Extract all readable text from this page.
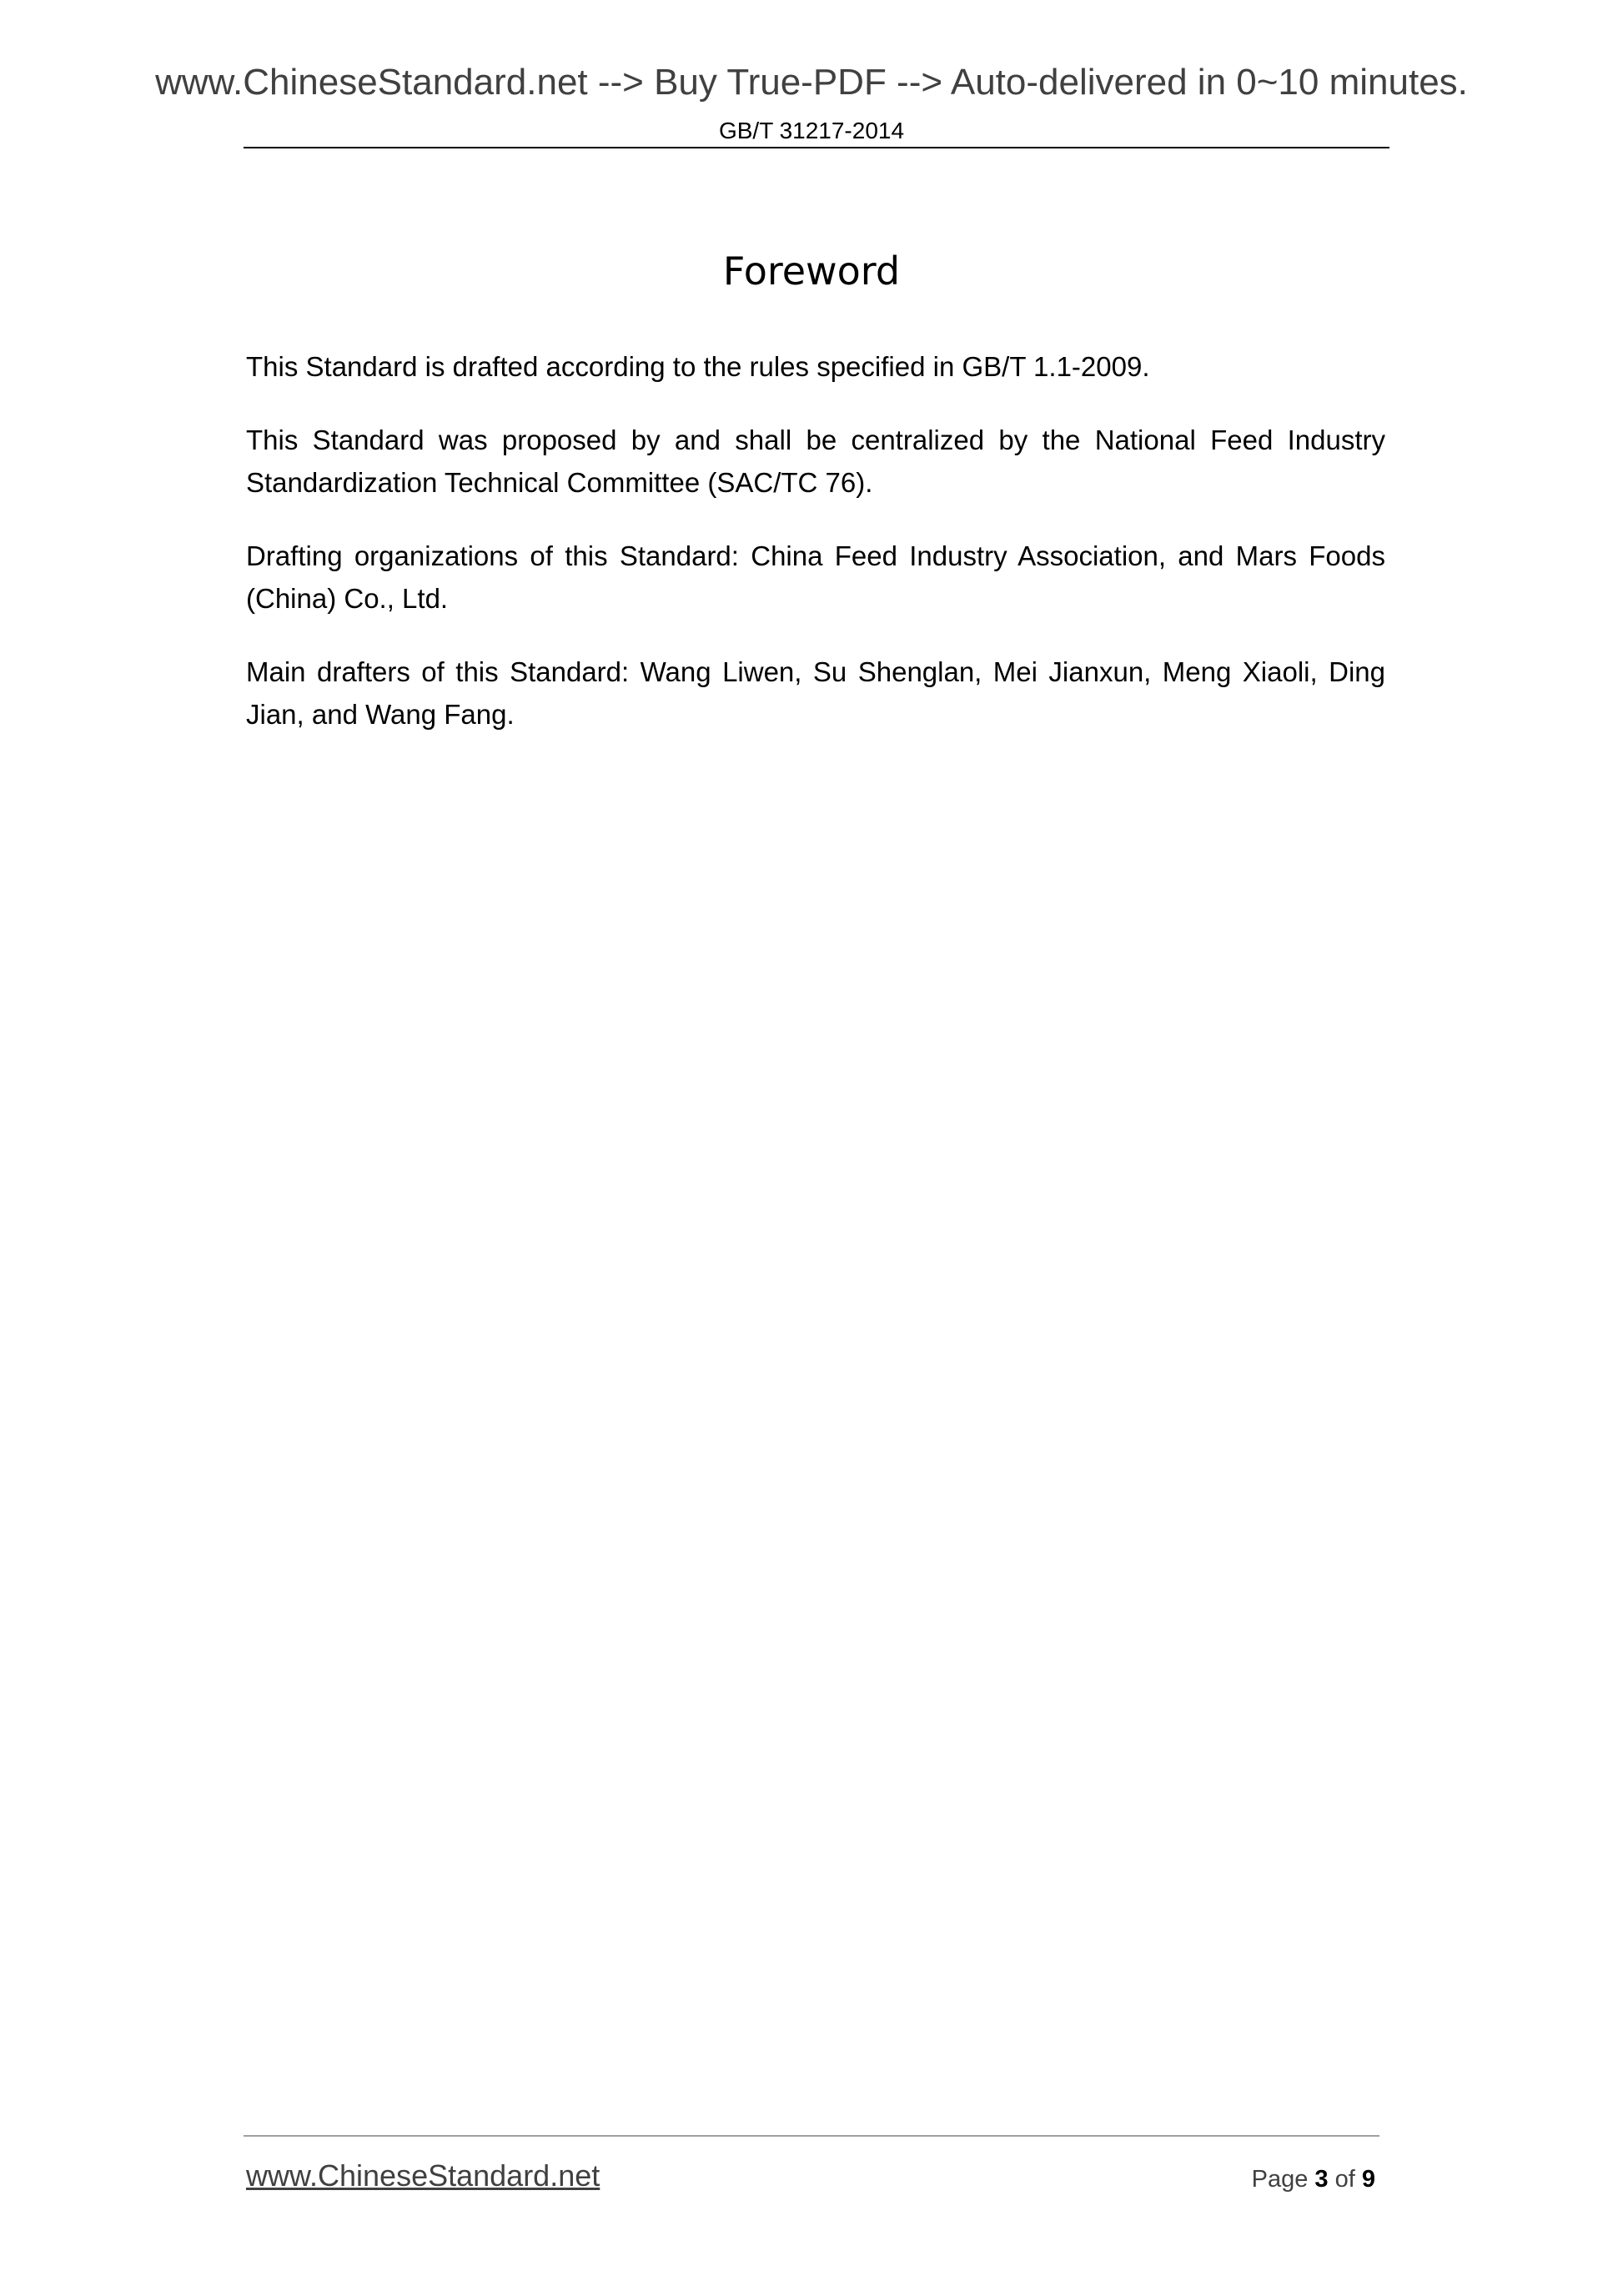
www.ChineseStandard.net --> Buy True-PDF --> Auto-delivered in 0~10 minutes.
GB/T 31217-2014
Foreword

This Standard is drafted according to the rules specified in GB/T 1.1-2009.

This Standard was proposed by and shall be centralized by the National Feed Industry Standardization Technical Committee (SAC/TC 76).

Drafting organizations of this Standard: China Feed Industry Association, and Mars Foods (China) Co., Ltd.

Main drafters of this Standard: Wang Liwen, Su Shenglan, Mei Jianxun, Meng Xiaoli, Ding Jian, and Wang Fang.

www.ChineseStandard.net	Page 3 of 9
